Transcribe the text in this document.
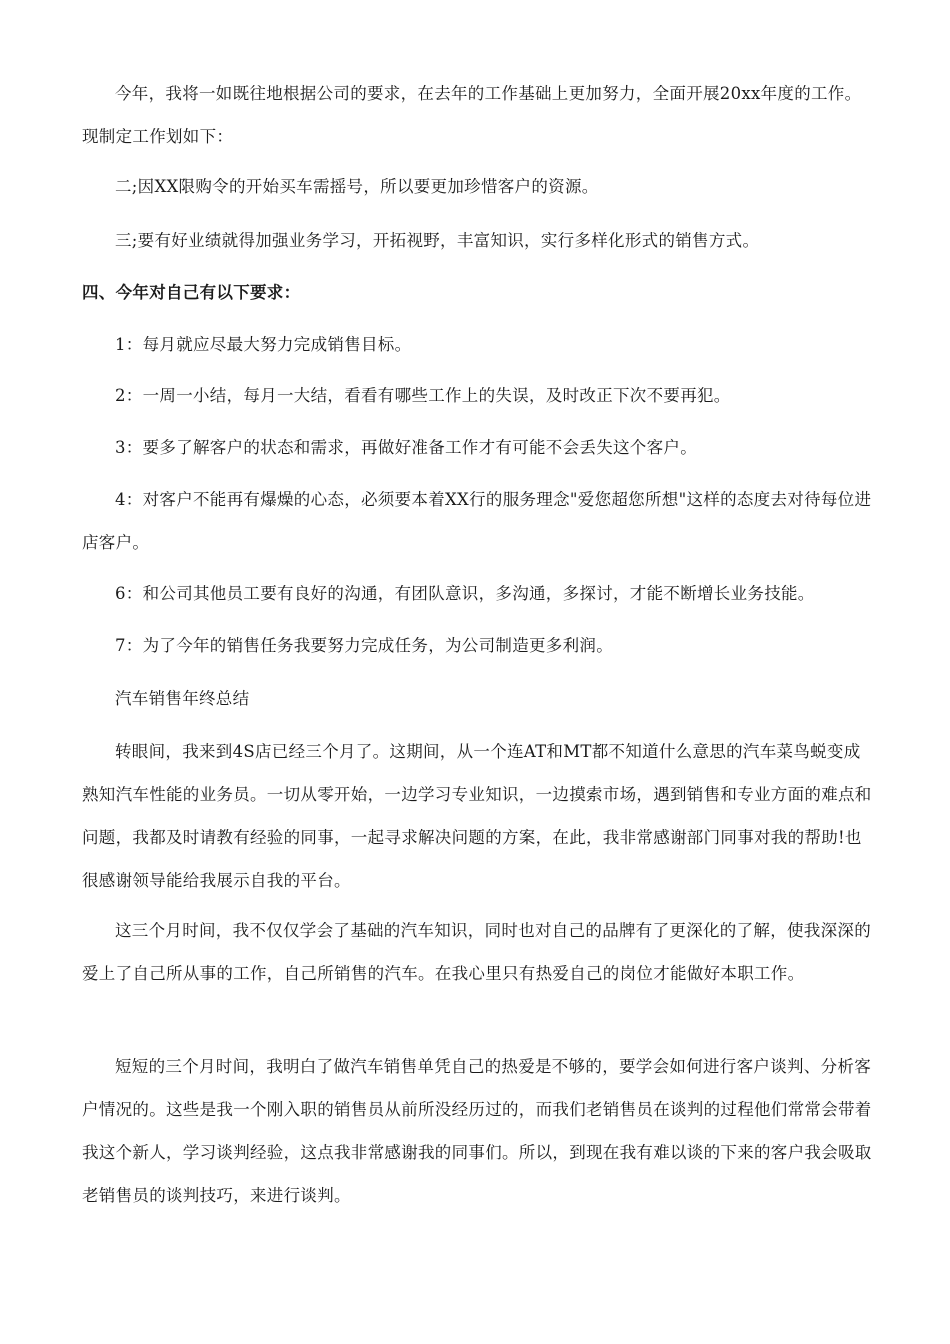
今年，我将一如既往地根据公司的要求，在去年的工作基础上更加努力，全面开展20xx年度的工作。现制定工作划如下：

二;因XX限购令的开始买车需摇号，所以要更加珍惜客户的资源。

三;要有好业绩就得加强业务学习，开拓视野，丰富知识，实行多样化形式的销售方式。

四、今年对自己有以下要求：

1：每月就应尽最大努力完成销售目标。

2：一周一小结，每月一大结，看看有哪些工作上的失误，及时改正下次不要再犯。

3：要多了解客户的状态和需求，再做好准备工作才有可能不会丢失这个客户。

4：对客户不能再有爆燥的心态，必须要本着XX行的服务理念"爱您超您所想"这样的态度去对待每位进店客户。

6：和公司其他员工要有良好的沟通，有团队意识，多沟通，多探讨，才能不断增长业务技能。

7：为了今年的销售任务我要努力完成任务，为公司制造更多利润。

汽车销售年终总结

转眼间，我来到4S店已经三个月了。这期间，从一个连AT和MT都不知道什么意思的汽车菜鸟蜕变成熟知汽车性能的业务员。一切从零开始，一边学习专业知识，一边摸索市场，遇到销售和专业方面的难点和问题，我都及时请教有经验的同事，一起寻求解决问题的方案，在此，我非常感谢部门同事对我的帮助!也很感谢领导能给我展示自我的平台。

这三个月时间，我不仅仅学会了基础的汽车知识，同时也对自己的品牌有了更深化的了解，使我深深的爱上了自己所从事的工作，自己所销售的汽车。在我心里只有热爱自己的岗位才能做好本职工作。

短短的三个月时间，我明白了做汽车销售单凭自己的热爱是不够的，要学会如何进行客户谈判、分析客户情况的。这些是我一个刚入职的销售员从前所没经历过的，而我们老销售员在谈判的过程他们常常会带着我这个新人，学习谈判经验，这点我非常感谢我的同事们。所以，到现在我有难以谈的下来的客户我会吸取老销售员的谈判技巧，来进行谈判。
